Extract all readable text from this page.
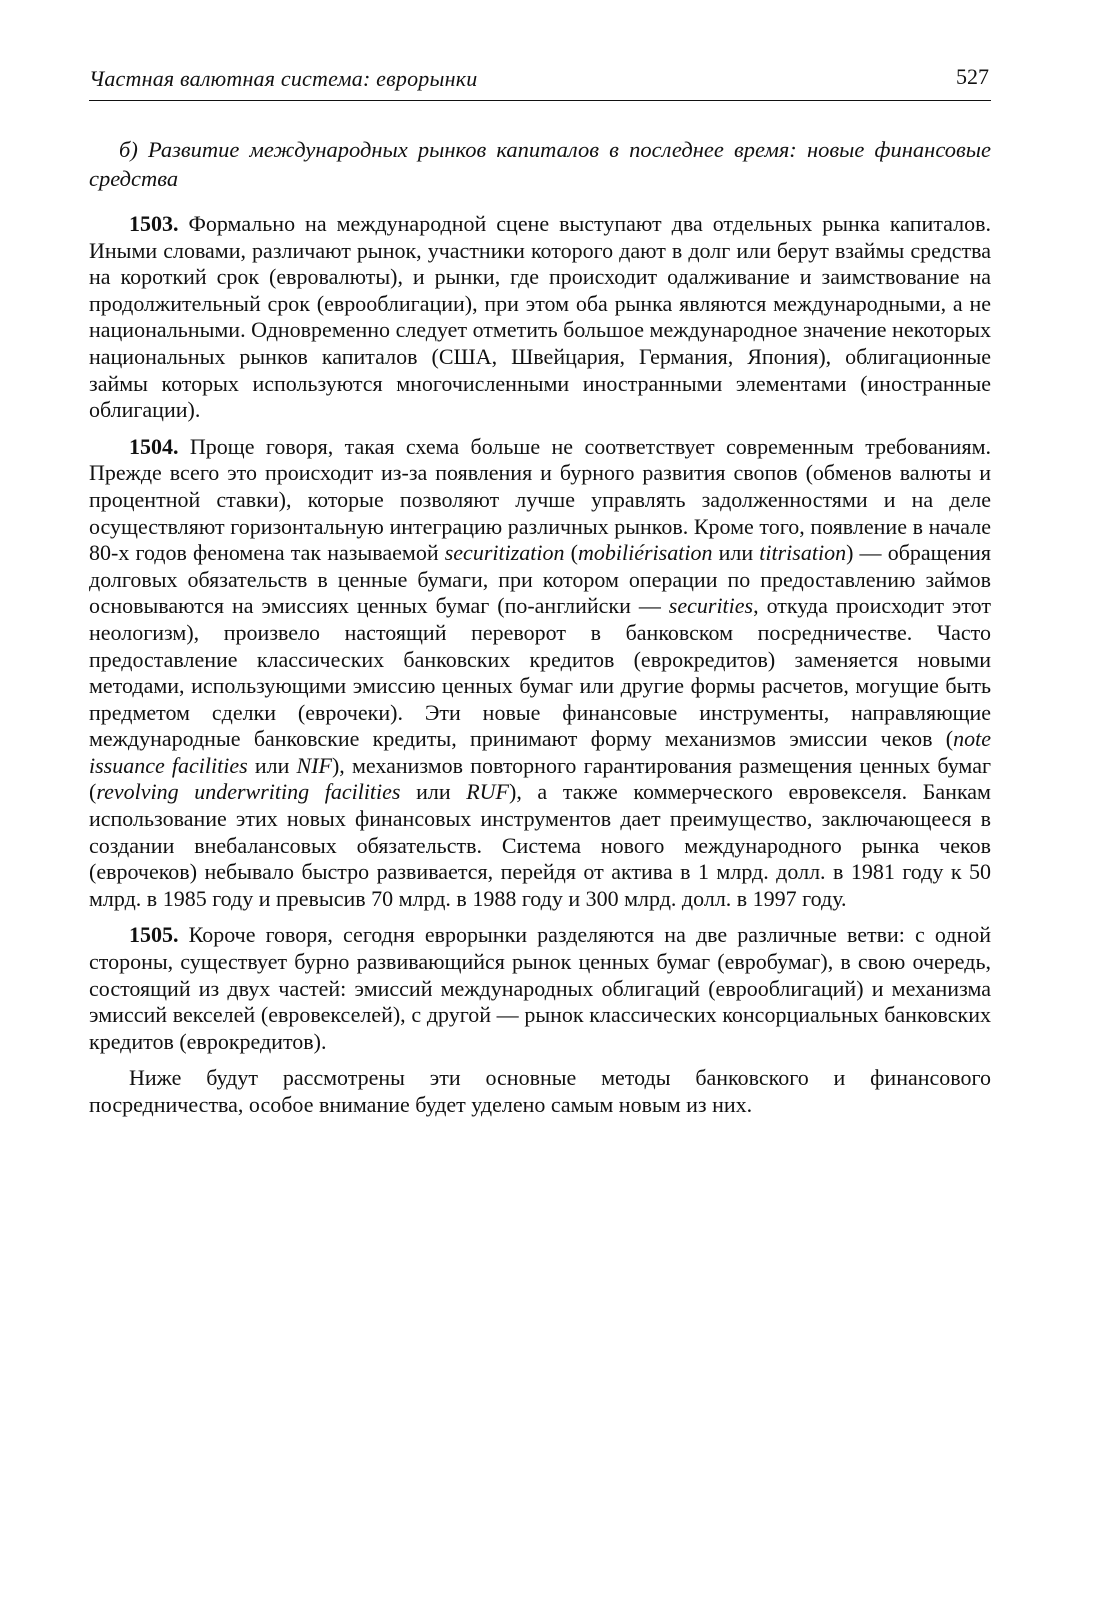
Частная валютная система: еврорынки	527
б) Развитие международных рынков капиталов в последнее время: новые финансовые средства

1503. Формально на международной сцене выступают два отдельных рынка капиталов. Иными словами, различают рынок, участники которого дают в долг или берут взаймы средства на короткий срок (евровалюты), и рынки, где происходит одалживание и заимствование на продолжительный срок (еврооблигации), при этом оба рынка являются международными, а не национальными. Одновременно следует отметить большое международное значение некоторых национальных рынков капиталов (США, Швейцария, Германия, Япония), облигационные займы которых используются многочисленными иностранными элементами (иностранные облигации).

1504. Проще говоря, такая схема больше не соответствует современным требованиям. Прежде всего это происходит из-за появления и бурного развития свопов (обменов валюты и процентной ставки), которые позволяют лучше управлять задолженностями и на деле осуществляют горизонтальную интеграцию различных рынков. Кроме того, появление в начале 80-х годов феномена так называемой securitization (mobiliérisation или titrisation) — обращения долговых обязательств в ценные бумаги, при котором операции по предоставлению займов основываются на эмиссиях ценных бумаг (по-английски — securities, откуда происходит этот неологизм), произвело настоящий переворот в банковском посредничестве. Часто предоставление классических банковских кредитов (еврокредитов) заменяется новыми методами, использующими эмиссию ценных бумаг или другие формы расчетов, могущие быть предметом сделки (еврочеки). Эти новые финансовые инструменты, направляющие международные банковские кредиты, принимают форму механизмов эмиссии чеков (note issuance facilities или NIF), механизмов повторного гарантирования размещения ценных бумаг (revolving underwriting facilities или RUF), а также коммерческого евровекселя. Банкам использование этих новых финансовых инструментов дает преимущество, заключающееся в создании внебалансовых обязательств. Система нового международного рынка чеков (еврочеков) небывало быстро развивается, перейдя от актива в 1 млрд. долл. в 1981 году к 50 млрд. в 1985 году и превысив 70 млрд. в 1988 году и 300 млрд. долл. в 1997 году.

1505. Короче говоря, сегодня еврорынки разделяются на две различные ветви: с одной стороны, существует бурно развивающийся рынок ценных бумаг (евробумаг), в свою очередь, состоящий из двух частей: эмиссий международных облигаций (еврооблигаций) и механизма эмиссий векселей (евровекселей), с другой — рынок классических консорциальных банковских кредитов (еврокредитов).

Ниже будут рассмотрены эти основные методы банковского и финансового посредничества, особое внимание будет уделено самым новым из них.
